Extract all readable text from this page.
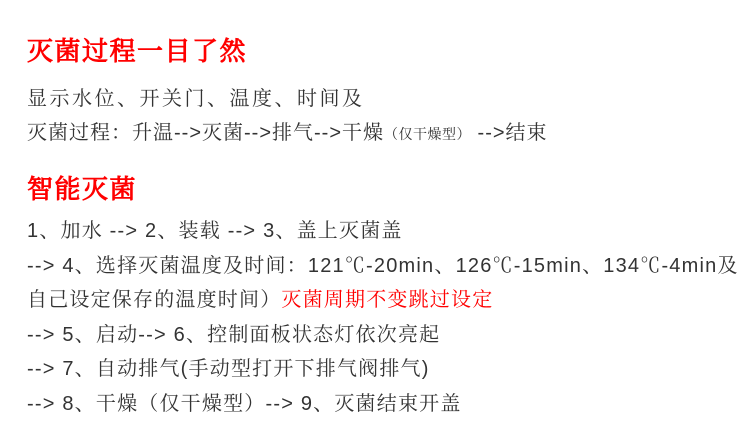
灭菌过程一目了然

显示水位、开关门、温度、时间及

灭菌过程：升温-->灭菌-->排气-->干燥（仅干燥型） -->结束

智能灭菌

1、加水 --> 2、装载 --> 3、盖上灭菌盖

--> 4、选择灭菌温度及时间：121℃-20min、126℃-15min、134℃-4min及

自己设定保存的温度时间）灭菌周期不变跳过设定

--> 5、启动--> 6、控制面板状态灯依次亮起

--> 7、自动排气(手动型打开下排气阀排气)

--> 8、干燥（仅干燥型）--> 9、灭菌结束开盖
